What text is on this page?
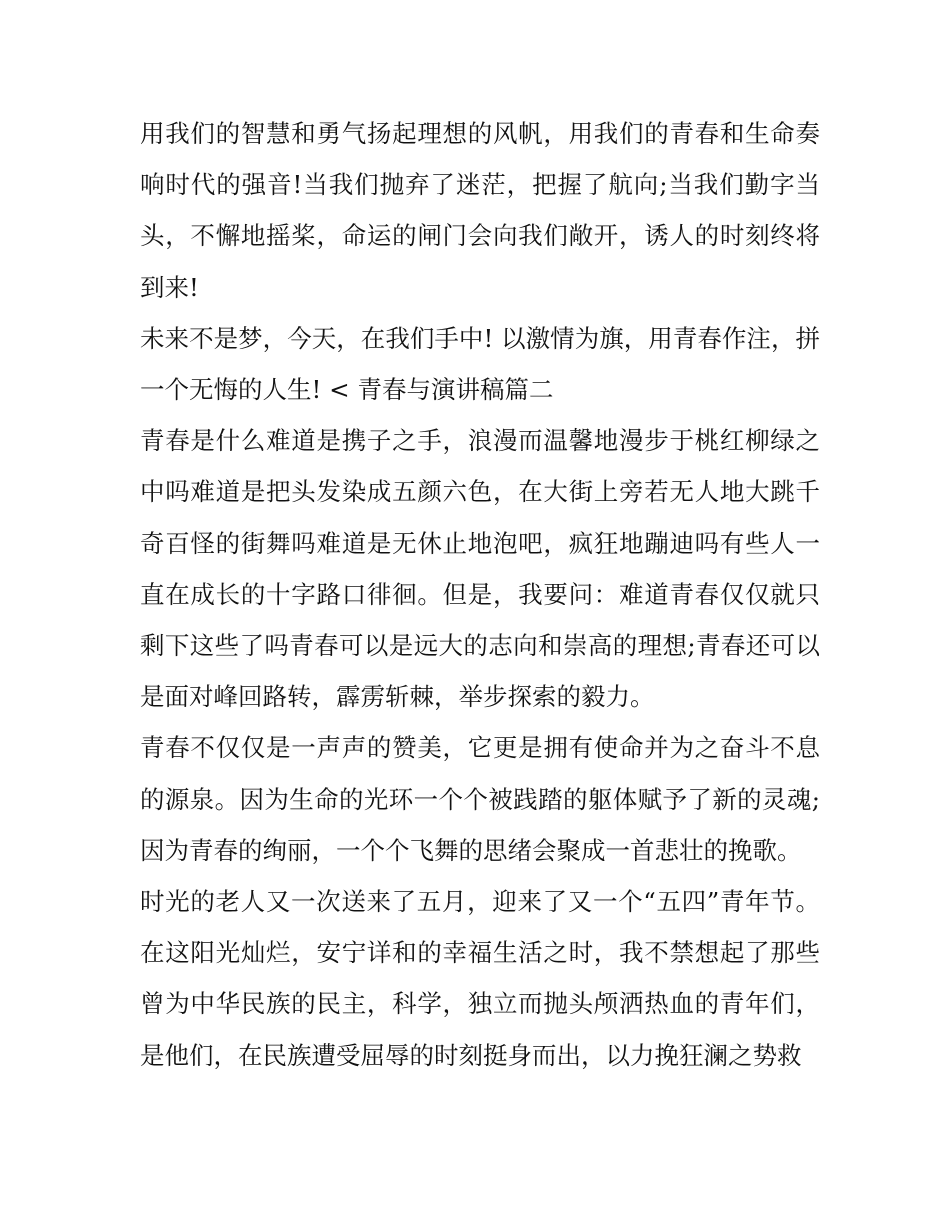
用我们的智慧和勇气扬起理想的风帆，用我们的青春和生命奏响时代的强音!当我们抛弃了迷茫，把握了航向;当我们勤字当头，不懈地摇桨，命运的闸门会向我们敞开，诱人的时刻终将到来!

未来不是梦，今天，在我们手中! 以激情为旗，用青春作注，拼一个无悔的人生! < 青春与演讲稿篇二

青春是什么难道是携子之手，浪漫而温馨地漫步于桃红柳绿之中吗难道是把头发染成五颜六色，在大街上旁若无人地大跳千奇百怪的街舞吗难道是无休止地泡吧，疯狂地蹦迪吗有些人一直在成长的十字路口徘徊。但是，我要问：难道青春仅仅就只剩下这些了吗青春可以是远大的志向和崇高的理想;青春还可以是面对峰回路转，霹雳斩棘，举步探索的毅力。

青春不仅仅是一声声的赞美，它更是拥有使命并为之奋斗不息的源泉。因为生命的光环一个个被践踏的躯体赋予了新的灵魂;因为青春的绚丽，一个个飞舞的思绪会聚成一首悲壮的挽歌。

时光的老人又一次送来了五月，迎来了又一个“五四”青年节。在这阳光灿烂，安宁详和的幸福生活之时，我不禁想起了那些曾为中华民族的民主，科学，独立而抛头颅洒热血的青年们，是他们，在民族遭受屈辱的时刻挺身而出，以力挽狂澜之势救
